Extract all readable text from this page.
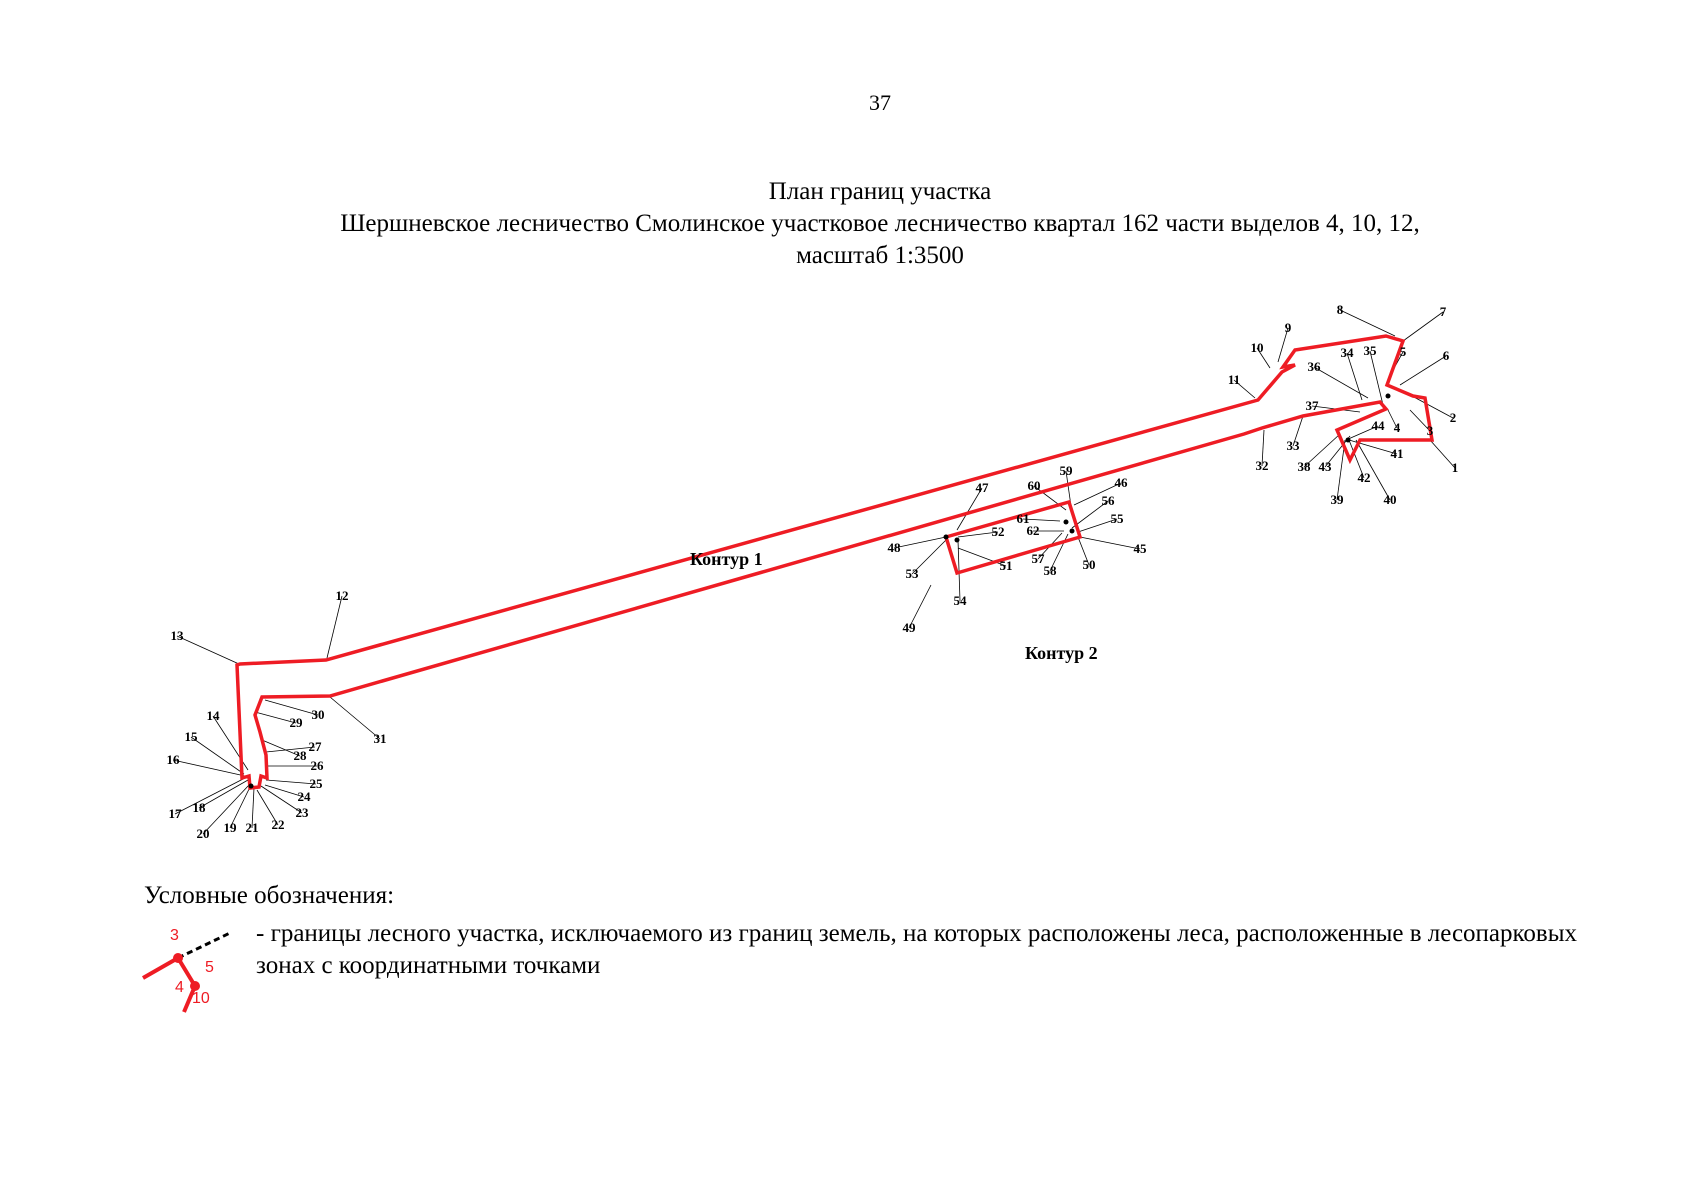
37
План границ участка
Шершневское лесничество Смолинское участковое лесничество квартал 162 части выделов 4, 10, 12,
масштаб 1:3500
1
2
3
4
5	6
7
8
9
10
11
12
13
14
15
16
17 18
19
20	21 22
23
24
25
26
27
28
29
30
31
32
33
34 35
36
37
38
39	40
41
42
43
44
45
46
47
48
49
50
51
52
53
54
55
56
57
58
59
60
61
62
Контур 1
Контур 2
Условные обозначения:
3
5
4
10
- границы лесного участка, исключаемого из границ земель, на которых расположены леса, расположенные в лесопарковых зонах с координатными точками
